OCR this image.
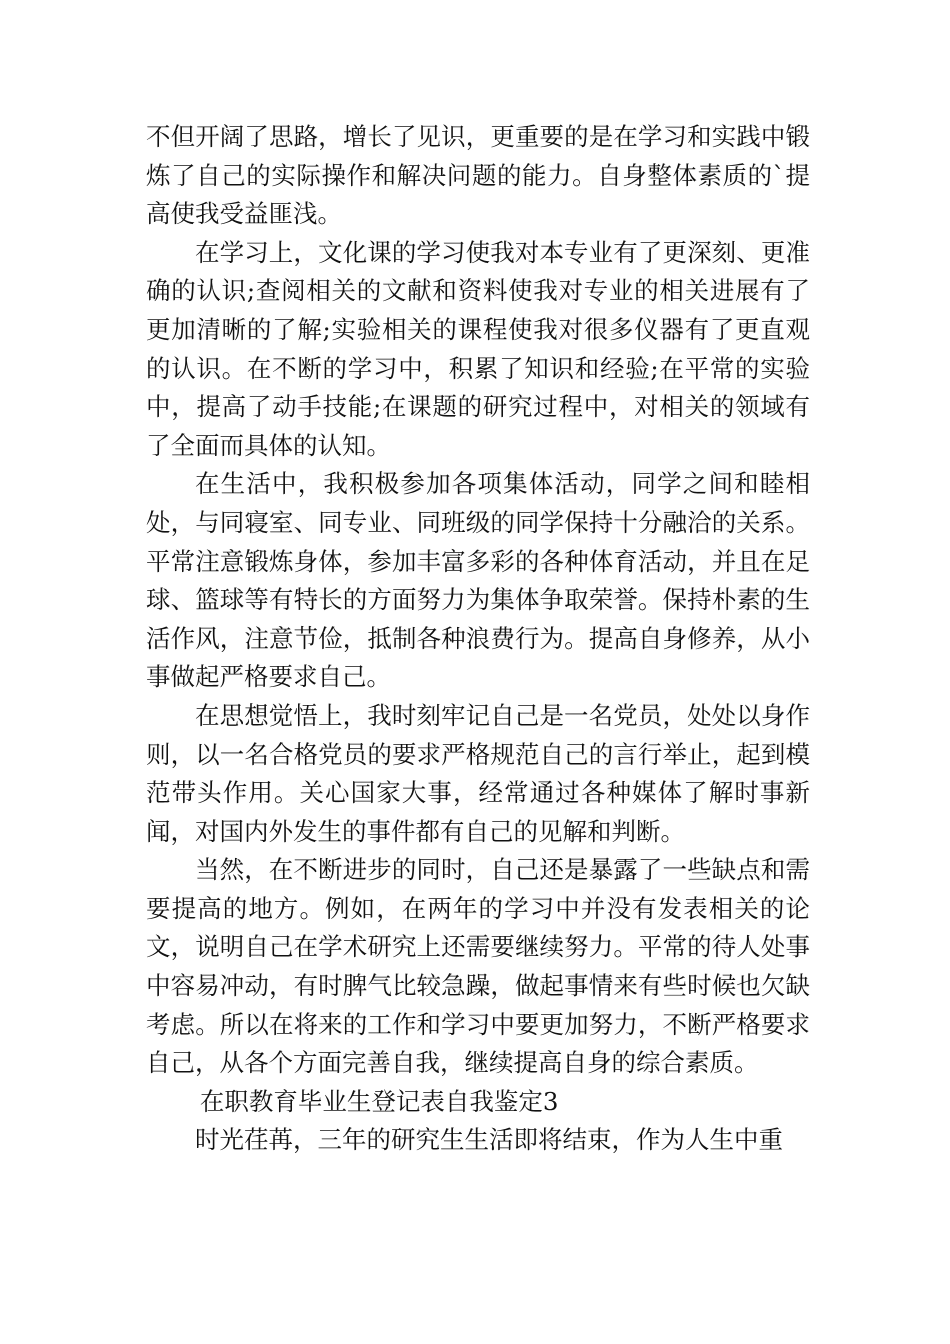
不但开阔了思路，增长了见识，更重要的是在学习和实践中锻炼了自己的实际操作和解决问题的能力。自身整体素质的`提高使我受益匪浅。

在学习上，文化课的学习使我对本专业有了更深刻、更准确的认识;查阅相关的文献和资料使我对专业的相关进展有了更加清晰的了解;实验相关的课程使我对很多仪器有了更直观的认识。在不断的学习中，积累了知识和经验;在平常的实验中，提高了动手技能;在课题的研究过程中，对相关的领域有了全面而具体的认知。

在生活中，我积极参加各项集体活动，同学之间和睦相处，与同寝室、同专业、同班级的同学保持十分融洽的关系。平常注意锻炼身体，参加丰富多彩的各种体育活动，并且在足球、篮球等有特长的方面努力为集体争取荣誉。保持朴素的生活作风，注意节俭，抵制各种浪费行为。提高自身修养，从小事做起严格要求自己。

在思想觉悟上，我时刻牢记自己是一名党员，处处以身作则，以一名合格党员的要求严格规范自己的言行举止，起到模范带头作用。关心国家大事，经常通过各种媒体了解时事新闻，对国内外发生的事件都有自己的见解和判断。

当然，在不断进步的同时，自己还是暴露了一些缺点和需要提高的地方。例如，在两年的学习中并没有发表相关的论文，说明自己在学术研究上还需要继续努力。平常的待人处事中容易冲动，有时脾气比较急躁，做起事情来有些时候也欠缺考虑。所以在将来的工作和学习中要更加努力，不断严格要求自己，从各个方面完善自我，继续提高自身的综合素质。

在职教育毕业生登记表自我鉴定3

时光荏苒，三年的研究生生活即将结束，作为人生中重
